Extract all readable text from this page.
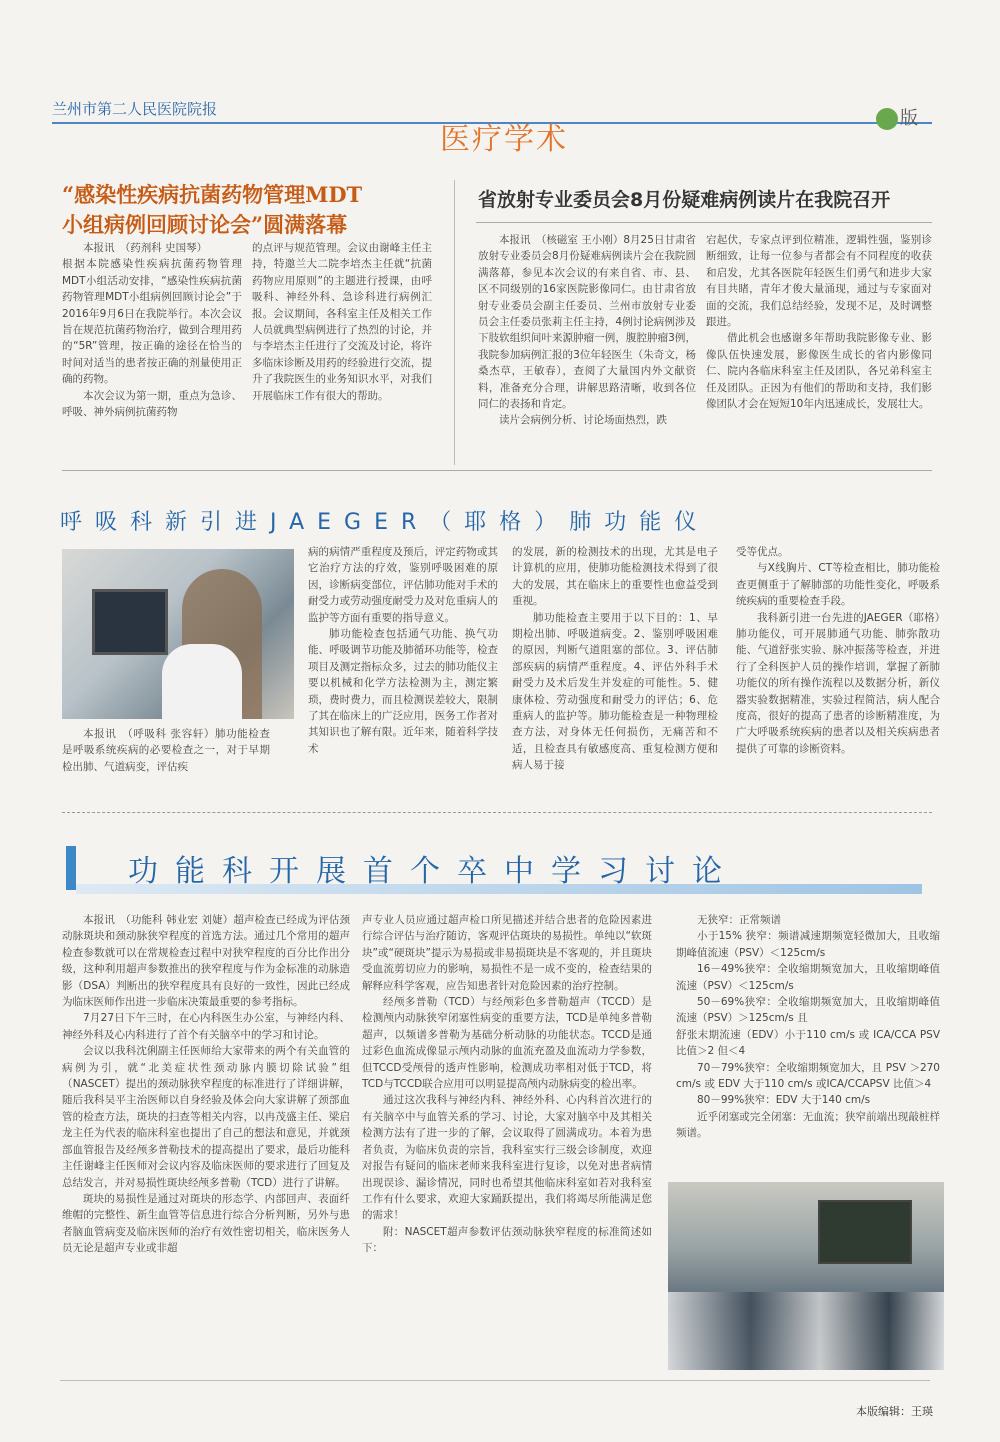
兰州市第二人民医院院报
医疗学术
版
“感染性疾病抗菌药物管理MDT
小组病例回顾讨论会”圆满落幕

本报讯　（药剂科 史国琴）

根据本院感染性疾病抗菌药物管理MDT小组活动安排，“感染性疾病抗菌药物管理MDT小组病例回顾讨论会”于2016年9月6日在我院举行。本次会议旨在规范抗菌药物治疗，做到合理用药的“5R”管理，按正确的途径在恰当的时间对适当的患者按正确的剂量使用正确的药物。

本次会议为第一期，重点为急诊、呼吸、神外病例抗菌药物

的点评与规范管理。会议由谢峰主任主持，特邀兰大二院李培杰主任就“抗菌药物应用原则”的主题进行授课，由呼吸科、神经外科、急诊科进行病例汇报。会议期间，各科室主任及相关工作人员就典型病例进行了热烈的讨论，并与李培杰主任进行了交流及讨论，将许多临床诊断及用药的经验进行交流，提升了我院医生的业务知识水平，对我们开展临床工作有很大的帮助。

省放射专业委员会8月份疑难病例读片在我院召开

本报讯　（核磁室 王小刚）8月25日甘肃省放射专业委员会8月份疑难病例读片会在我院圆满落幕，参见本次会议的有来自省、市、县、区不同级别的16家医院影像同仁。由甘肃省放射专业委员会副主任委员、兰州市放射专业委员会主任委员张莉主任主持，4例讨论病例涉及下肢软组织间叶来源肿瘤一例，腹腔肿瘤3例，我院参加病例汇报的3位年轻医生（朱奇文，杨桑杰草，王敏春），查阅了大量国内外文献资料，准备充分合理，讲解思路清晰，收到各位同仁的表扬和肯定。

读片会病例分析、讨论场面热烈，跌

宕起伏，专家点评到位精准，逻辑性强，鉴别诊断细致，让每一位参与者都会有不同程度的收获和启发，尤其各医院年轻医生们勇气和进步大家有目共睹，青年才俊大量涌现，通过与专家面对面的交流，我们总结经验，发现不足，及时调整跟进。

借此机会也感谢多年帮助我院影像专业、影像队伍快速发展，影像医生成长的省内影像同仁、院内各临床科室主任及团队，各兄弟科室主任及团队。正因为有他们的帮助和支持，我们影像团队才会在短短10年内迅速成长，发展壮大。

呼吸科新引进JAEGER（耶格）肺功能仪

本报讯　（呼吸科 张容轩）肺功能检查是呼吸系统疾病的必要检查之一，对于早期检出肺、气道病变，评估疾

病的病情严重程度及预后，评定药物或其它治疗方法的疗效，鉴别呼吸困难的原因，诊断病变部位，评估肺功能对手术的耐受力或劳动强度耐受力及对危重病人的监护等方面有重要的指导意义。

肺功能检查包括通气功能、换气功能、呼吸调节功能及肺循环功能等，检查项目及测定指标众多，过去的肺功能仪主要以机械和化学方法检测为主，测定繁琐，费时费力，而且检测误差较大，限制了其在临床上的广泛应用，医务工作者对其知识也了解有限。近年来，随着科学技术

的发展，新的检测技术的出现，尤其是电子计算机的应用，使肺功能检测技术得到了很大的发展，其在临床上的重要性也愈益受到重视。

肺功能检查主要用于以下目的：1、早期检出肺、呼吸道病变。2、鉴别呼吸困难的原因，判断气道阻塞的部位。3、评估肺部疾病的病情严重程度。4、评估外科手术耐受力及术后发生并发症的可能性。5、健康体检、劳动强度和耐受力的评估；6、危重病人的监护等。肺功能检查是一种物理检查方法，对身体无任何损伤，无痛苦和不适，且检查具有敏感度高、重复检测方便和病人易于接

受等优点。

与X线胸片、CT等检查相比，肺功能检查更侧重于了解肺部的功能性变化，呼吸系统疾病的重要检查手段。

我科新引进一台先进的JAEGER（耶格）肺功能仪，可开展肺通气功能、肺弥散功能、气道舒张实验、脉冲振荡等检查，并进行了全科医护人员的操作培训，掌握了新肺功能仪的所有操作流程以及数据分析，新仪器实验数据精准，实验过程简洁，病人配合度高，很好的提高了患者的诊断精准度，为广大呼吸系统疾病的患者以及相关疾病患者提供了可靠的诊断资料。

功能科开展首个卒中学习讨论

本报讯　（功能科 韩业宏 刘婕）超声检查已经成为评估颈动脉斑块和颈动脉狭窄程度的首选方法。通过几个常用的超声检查参数就可以在常规检查过程中对狭窄程度的百分比作出分级，这种利用超声参数推出的狭窄程度与作为金标准的动脉造影（DSA）判断出的狭窄程度具有良好的一致性，因此已经成为临床医师作出进一步临床决策最重要的参考指标。

7月27日下午三时，在心内科医生办公室，与神经内科、神经外科及心内科进行了首个有关脑卒中的学习和讨论。

会议以我科沈俐副主任医师给大家带来的两个有关血管的病例为引，就“北美症状性颈动脉内膜切除试验”组（NASCET）提出的颈动脉狭窄程度的标准进行了详细讲解，随后我科吴平主治医师以自身经验及体会向大家讲解了颈部血管的检查方法，斑块的扫查等相关内容，以冉茂盛主任、梁启龙主任为代表的临床科室也提出了自己的想法和意见，并就颈部血管报告及经颅多普勒技术的提高提出了要求，最后功能科主任谢峰主任医师对会议内容及临床医师的要求进行了回复及总结发言，并对易损性斑块经颅多普勒（TCD）进行了讲解。

斑块的易损性是通过对斑块的形态学、内部回声、表面纤维帽的完整性、新生血管等信息进行综合分析判断，另外与患者脑血管病变及临床医师的治疗有效性密切相关，临床医务人员无论是超声专业或非超

声专业人员应通过超声检口所见描述并结合患者的危险因素进行综合评估与治疗随访，客观评估斑块的易损性。单纯以“软斑块”或“硬斑块”提示为易损或非易损斑块是不客观的，并且斑块受血流剪切应力的影响，易损性不是一成不变的，检查结果的解释应科学客观，应告知患者针对危险因素的治疗控制。

经颅多普勒（TCD）与经颅彩色多普勒超声（TCCD）是检测颅内动脉狭窄闭塞性病变的重要方法，TCD是单纯多普勒超声，以频谱多普勒为基础分析动脉的功能状态。TCCD是通过彩色血流成像显示颅内动脉的血流充盈及血流动力学参数，但TCCD受颅骨的透声性影响，检测成功率相对低于TCD，将TCD与TCCD联合应用可以明显提高颅内动脉病变的检出率。

通过这次我科与神经内科、神经外科、心内科首次进行的有关脑卒中与血管关系的学习、讨论，大家对脑卒中及其相关检测方法有了进一步的了解，会议取得了圆满成功。本着为患者负责，为临床负责的宗旨，我科室实行三级会诊制度，欢迎对报告有疑问的临床老师来我科室进行复诊，以免对患者病情出现误诊、漏诊情况，同时也希望其他临床科室如若对我科室工作有什么要求，欢迎大家踊跃提出，我们将竭尽所能满足您的需求！

附：NASCET超声参数评估颈动脉狭窄程度的标准简述如下：

无狭窄：正常频谱

小于15% 狭窄：频谱减速期频宽轻微加大，且收缩期峰值流速（PSV）＜125cm/s

16－49%狭窄：全收缩期频宽加大，且收缩期峰值流速（PSV）＜125cm/s

50－69%狭窄：全收缩期频宽加大，且收缩期峰值流速（PSV）＞125cm/s 且

舒张末期流速（EDV）小于110 cm/s 或 ICA/CCA PSV 比值＞2 但＜4

70－79%狭窄：全收缩期频宽加大，且 PSV ＞270 cm/s 或 EDV 大于110 cm/s 或ICA/CCAPSV 比值＞4

80－99%狭窄：EDV 大于140 cm/s

近乎闭塞或完全闭塞：无血流；狭窄前端出现敲桩样频谱。

本版编辑：王瑛
